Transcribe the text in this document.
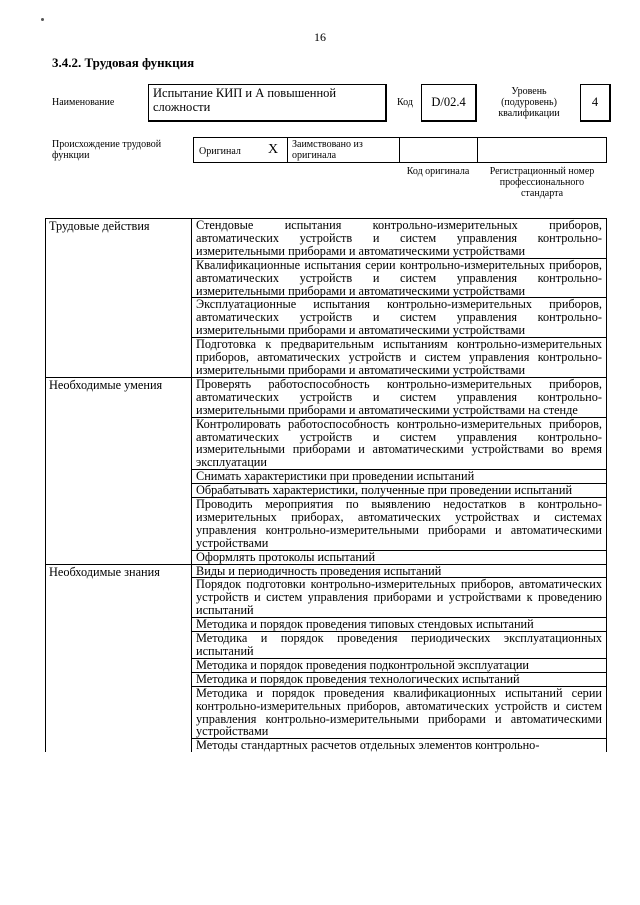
16
3.4.2. Трудовая функция
Наименование
Испытание КИП и А повышенной сложности	Код	D/02.4
Уровень (подуровень) квалификации
4
Происхождение трудовой функции	Оригинал X Заимствовано из оригинала
Код оригинала	Регистрационный номер профессионального стандарта
Трудовые действия	Стендовые испытания контрольно-измерительных приборов, автоматических устройств и систем управления контрольно-измерительными приборами и автоматическими устройствами
	Квалификационные испытания серии контрольно-измерительных приборов, автоматических устройств и систем управления контрольно-измерительными приборами и автоматическими устройствами
	Эксплуатационные испытания контрольно-измерительных приборов, автоматических устройств и систем управления контрольно-измерительными приборами и автоматическими устройствами
	Подготовка к предварительным испытаниям контрольно-измерительных приборов, автоматических устройств и систем управления контрольно-измерительными приборами и автоматическими устройствами
Необходимые умения	Проверять работоспособность контрольно-измерительных приборов, автоматических устройств и систем управления контрольно-измерительными приборами и автоматическими устройствами на стенде
	Контролировать работоспособность контрольно-измерительных приборов, автоматических устройств и систем управления контрольно-измерительными приборами и автоматическими устройствами во время эксплуатации
	Снимать характеристики при проведении испытаний
	Обрабатывать характеристики, полученные при проведении испытаний
	Проводить мероприятия по выявлению недостатков в контрольно-измерительных приборах, автоматических устройствах и системах управления контрольно-измерительными приборами и автоматическими устройствами
	Оформлять протоколы испытаний
Необходимые знания	Виды и периодичность проведения испытаний
	Порядок подготовки контрольно-измерительных приборов, автоматических устройств и систем управления приборами и устройствами к проведению испытаний
	Методика и порядок проведения типовых стендовых испытаний
	Методика и порядок проведения периодических эксплуатационных испытаний
	Методика и порядок проведения подконтрольной эксплуатации
	Методика и порядок проведения технологических испытаний
	Методика и порядок проведения квалификационных испытаний серии контрольно-измерительных приборов, автоматических устройств и систем управления контрольно-измерительными приборами и автоматическими устройствами
	Методы стандартных расчетов отдельных элементов контрольно-
